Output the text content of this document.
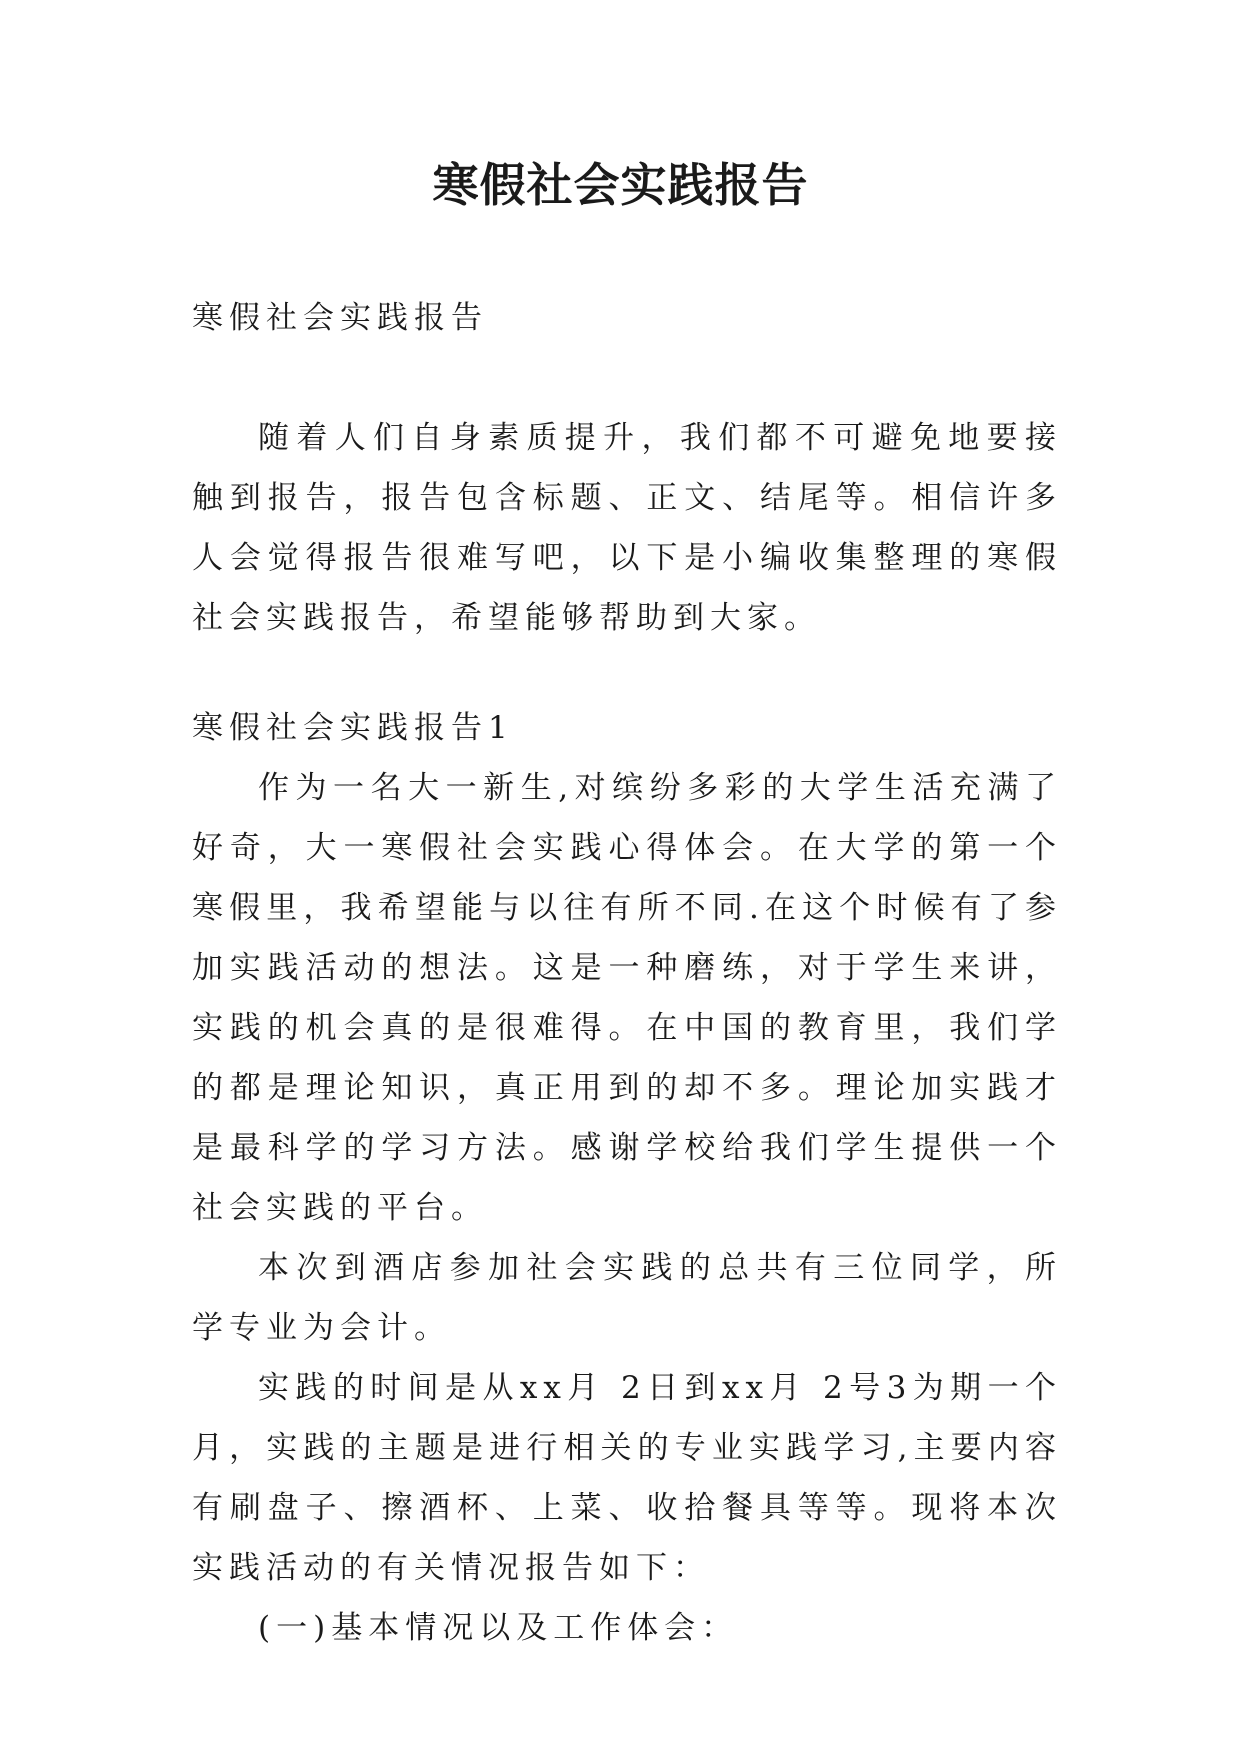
寒假社会实践报告

寒假社会实践报告

随着人们自身素质提升，我们都不可避免地要接触到报告，报告包含标题、正文、结尾等。相信许多人会觉得报告很难写吧，以下是小编收集整理的寒假社会实践报告，希望能够帮助到大家。

寒假社会实践报告1

作为一名大一新生,对缤纷多彩的大学生活充满了好奇，大一寒假社会实践心得体会。在大学的第一个寒假里，我希望能与以往有所不同.在这个时候有了参加实践活动的想法。这是一种磨练，对于学生来讲，实践的机会真的是很难得。在中国的教育里，我们学的都是理论知识，真正用到的却不多。理论加实践才是最科学的学习方法。感谢学校给我们学生提供一个社会实践的平台。

本次到酒店参加社会实践的总共有三位同学，所学专业为会计。

实践的时间是从xx月 2日到xx月 2号3为期一个月，实践的主题是进行相关的专业实践学习,主要内容有刷盘子、擦酒杯、上菜、收拾餐具等等。现将本次实践活动的有关情况报告如下：

(一)基本情况以及工作体会：
